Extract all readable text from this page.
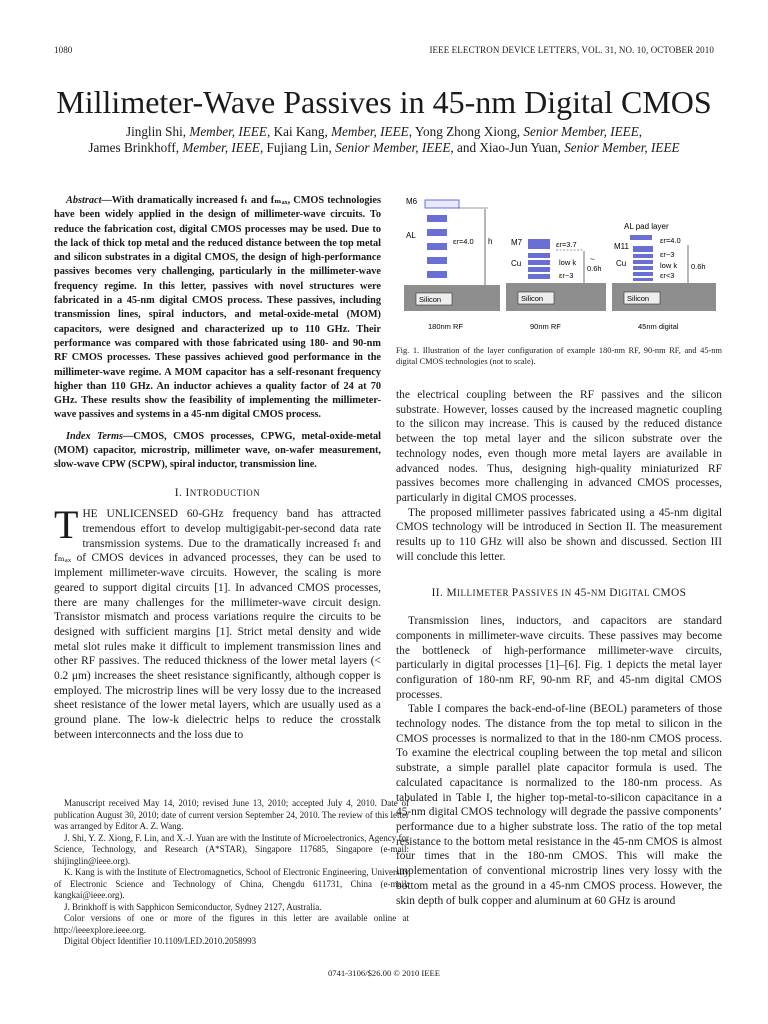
1080	IEEE ELECTRON DEVICE LETTERS, VOL. 31, NO. 10, OCTOBER 2010
Millimeter-Wave Passives in 45-nm Digital CMOS
Jinglin Shi, Member, IEEE, Kai Kang, Member, IEEE, Yong Zhong Xiong, Senior Member, IEEE,
James Brinkhoff, Member, IEEE, Fujiang Lin, Senior Member, IEEE, and Xiao-Jun Yuan, Senior Member, IEEE

Abstract—With dramatically increased fₜ and fₘₐₓ, CMOS technologies have been widely applied in the design of millimeter-wave circuits. To reduce the fabrication cost, digital CMOS processes may be used. Due to the lack of thick top metal and the reduced distance between the top metal and silicon substrates in a digital CMOS, the design of high-performance passives becomes very challenging, particularly in the millimeter-wave frequency regime. In this letter, passives with novel structures were fabricated in a 45-nm digital CMOS process. These passives, including transmission lines, spiral inductors, and metal-oxide-metal (MOM) capacitors, were designed and characterized up to 110 GHz. Their performance was compared with those fabricated using 180- and 90-nm RF CMOS processes. These passives achieved good performance in the millimeter-wave regime. A MOM capacitor has a self-resonant frequency higher than 110 GHz. An inductor achieves a quality factor of 24 at 70 GHz. These results show the feasibility of implementing the millimeter-wave passives and systems in a 45-nm digital CMOS process.

Index Terms—CMOS, CMOS processes, CPWG, metal-oxide-metal (MOM) capacitor, microstrip, millimeter wave, on-wafer measurement, slow-wave CPW (SCPW), spiral inductor, transmission line.

I. INTRODUCTION

THE UNLICENSED 60-GHz frequency band has attracted tremendous effort to develop multigigabit-per-second data rate transmission systems. Due to the dramatically increased fₜ and fₘₐₓ of CMOS devices in advanced processes, they can be used to implement millimeter-wave circuits. However, the scaling is more geared to support digital circuits [1]. In advanced CMOS processes, there are many challenges for the millimeter-wave circuit design. Transistor mismatch and process variations require the circuits to be designed with sufficient margins [1]. Strict metal density and wide metal slot rules make it difficult to implement transmission lines and other RF passives. The reduced thickness of the lower metal layers (< 0.2 μm) increases the sheet resistance significantly, although copper is employed. The microstrip lines will be very lossy due to the increased sheet resistance of the lower metal layers, which are usually used as a ground plane. The low-k dielectric helps to reduce the crosstalk between interconnects and the loss due to

Manuscript received May 14, 2010; revised June 13, 2010; accepted July 4, 2010. Date of publication August 30, 2010; date of current version September 24, 2010. The review of this letter was arranged by Editor A. Z. Wang.

J. Shi, Y. Z. Xiong, F. Lin, and X.-J. Yuan are with the Institute of Microelectronics, Agency for Science, Technology, and Research (A*STAR), Singapore 117685, Singapore (e-mail: shijinglin@ieee.org).

K. Kang is with the Institute of Electromagnetics, School of Electronic Engineering, University of Electronic Science and Technology of China, Chengdu 611731, China (e-mail: kangkai@ieee.org).

J. Brinkhoff is with Sapphicon Semiconductor, Sydney 2127, Australia.

Color versions of one or more of the figures in this letter are available online at http://ieeexplore.ieee.org.

Digital Object Identifier 10.1109/LED.2010.2058993

M6
AL
εr=4.0 h
Silicon
180nm RF
M7	εr=3.7
Cu	low k
εr~3
~
0.6h
Silicon
90nm RF
AL pad layer
M11
εr=4.0
Cu
εr~3
low k
εr<3
0.6h
Silicon
45nm digital
Fig. 1. Illustration of the layer configuration of example 180-nm RF, 90-nm RF, and 45-nm digital CMOS technologies (not to scale).

the electrical coupling between the RF passives and the silicon substrate. However, losses caused by the increased magnetic coupling to the silicon may increase. This is caused by the reduced distance between the top metal layer and the silicon substrate over the technology nodes, even though more metal layers are available in advanced nodes. Thus, designing high-quality miniaturized RF passives becomes more challenging in advanced CMOS processes, particularly in digital CMOS processes.

The proposed millimeter passives fabricated using a 45-nm digital CMOS technology will be introduced in Section II. The measurement results up to 110 GHz will also be shown and discussed. Section III will conclude this letter.

II. MILLIMETER PASSIVES IN 45-NM DIGITAL CMOS

Transmission lines, inductors, and capacitors are standard components in millimeter-wave circuits. These passives may become the bottleneck of high-performance millimeter-wave circuits, particularly in digital processes [1]–[6]. Fig. 1 depicts the metal layer configuration of 180-nm RF, 90-nm RF, and 45-nm digital CMOS processes.

Table I compares the back-end-of-line (BEOL) parameters of those technology nodes. The distance from the top metal to silicon in the CMOS processes is normalized to that in the 180-nm CMOS process. To examine the electrical coupling between the top metal and silicon substrate, a simple parallel plate capacitor formula is used. The calculated capacitance is normalized to the 180-nm process. As tabulated in Table I, the higher top-metal-to-silicon capacitance in a 45-nm digital CMOS technology will degrade the passive components’ performance due to a higher substrate loss. The ratio of the top metal resistance to the bottom metal resistance in the 45-nm CMOS is almost four times that in the 180-nm CMOS. This will make the implementation of conventional microstrip lines very lossy with the bottom metal as the ground in a 45-nm CMOS process. However, the skin depth of bulk copper and aluminum at 60 GHz is around

0741-3106/$26.00 © 2010 IEEE
